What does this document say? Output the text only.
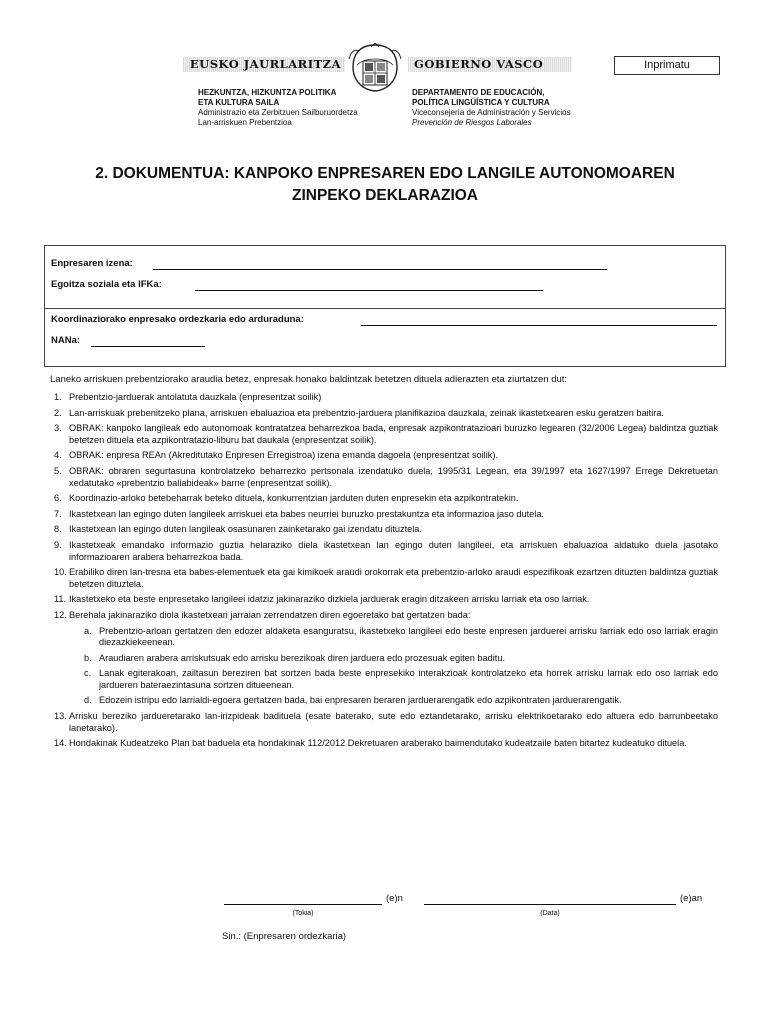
EUSKO JAURLARITZA	GOBIERNO VASCO	Inprimatu
HEZKUNTZA, HIZKUNTZA POLITIKA
ETA KULTURA SAILA
Administrazio eta Zerbitzuen Sailburuordetza
Lan-arriskuen Prebentzioa
DEPARTAMENTO DE EDUCACIÓN,
POLÍTICA LINGÜÍSTICA Y CULTURA
Viceconsejería de Administración y Servicios
Prevención de Riesgos Laborales
2. DOKUMENTUA: KANPOKO ENPRESAREN EDO LANGILE AUTONOMOAREN
ZINPEKO DEKLARAZIOA
Enpresaren izena:
Egoitza soziala eta IFKa:
Koordinaziorako enpresako ordezkaria edo arduraduna:
NANa:
Laneko arriskuen prebentziorako araudia betez, enpresak honako baldintzak betetzen dituela adierazten eta ziurtatzen dut:
1. Prebentzio-jarduerak antolatuta dauzkala (enpresentzat soilik)
2. Lan-arriskuak prebenitzeko plana, arriskuen ebaluazioa eta prebentzio-jarduera planifikazioa dauzkala, zeinak ikastetxearen esku geratzen baitira.
3. OBRAK: kanpoko langileak edo autonomoak kontratatzea beharrezkoa bada, enpresak azpikontratazioari buruzko legearen (32/2006 Legea) baldintza guztiak betetzen dituela eta azpikontratazio-liburu bat daukala (enpresentzat soilik).
4. OBRAK: enpresa REAn (Akreditutako Enpresen Erregistroa) izena emanda dagoela (enpresentzat soilik).
5. OBRAK: obraren segurtasuna kontrolatzeko beharrezko pertsonala izendatuko duela, 1995/31 Legean, eta 39/1997 eta 1627/1997 Errege Dekretuetan xedatutako «prebentzio baliabideak» barne (enpresentzat soilik).
6. Koordinazio-arloko betebeharrak beteko dituela, konkurrentzian jarduten duten enpresekin eta azpikontratekin.
7. Ikastetxean lan egingo duten langileek arriskuei eta babes neurriei buruzko prestakuntza eta informazioa jaso dutela.
8. Ikastetxean lan egingo duten langileak osasunaren zainketarako gai izendatu dituztela.
9. Ikastetxeak emandako informazio guztia helaraziko diela ikastetxean lan egingo duten langileei, eta arriskuen ebaluazioa aldatuko duela jasotako informazioaren arabera beharrezkoa bada.
10. Erabiliko diren lan-tresna eta babes-elementuek eta gai kimikoek araudi orokorrak eta prebentzio-arloko araudi espezifikoak ezartzen dituzten baldintza guztiak betetzen dituztela.
11. Ikastetxeko eta beste enpresetako langileei idatziz jakinaraziko dizkiela jarduerak eragin ditzakeen arrisku larriak eta oso larriak.
12. Berehala jakinaraziko diola ikastetxeari jarraian zerrendatzen diren egoeretako bat gertatzen bada:
a. Prebentzio-arloan gertatzen den edozer aldaketa esanguratsu, ikastetxeko langileei edo beste enpresen jarduerei arrisku larriak edo oso larriak eragin diezazkiekeenean.
b. Araudiaren arabera arriskutsuak edo arrisku berezikoak diren jarduera edo prozesuak egiten baditu.
c. Lanak egiterakoan, zailtasun bereziren bat sortzen bada beste enpresekiko interakzioak kontrolatzeko eta horrek arrisku larriak edo oso larriak edo jardueren bateraezintasuna sortzen ditueenean.
d. Edozein istripu edo larrialdi-egoera gertatzen bada, bai enpresaren beraren jarduerarengatik edo azpikontraten jarduerarengatik.
13. Arrisku bereziko jardueretarako lan-irizpideak badituela (esate baterako, sute edo eztandetarako, arrisku elektrikoetarako edo altuera edo barrunbeetako lanetarako).
14. Hondakinak Kudeatzeko Plan bat baduela eta hondakinak 112/2012 Dekretuaren araberako baimendutako kudeatzaile baten bitartez kudeatuko dituela.
(e)n	(e)an
(Tokia)	(Data)
Sin.: (Enpresaren ordezkaria)
